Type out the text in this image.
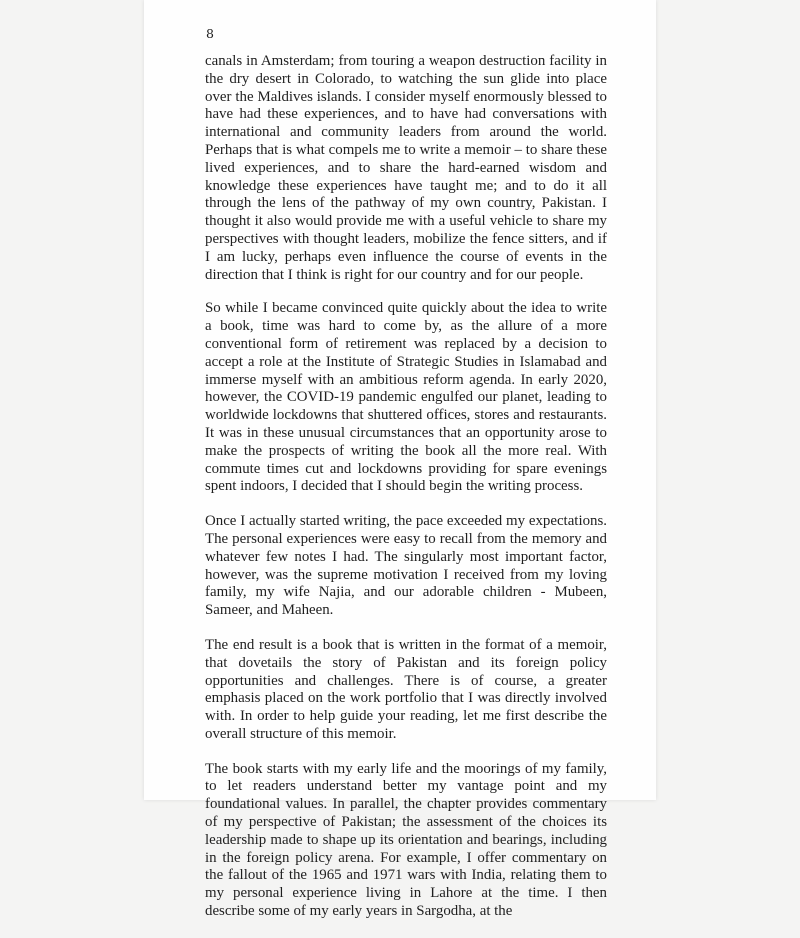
8

canals in Amsterdam; from touring a weapon destruction facility in the dry desert in Colorado, to watching the sun glide into place over the Maldives islands. I consider myself enormously blessed to have had these experiences, and to have had conversations with international and community leaders from around the world. Perhaps that is what compels me to write a memoir – to share these lived experiences, and to share the hard-earned wisdom and knowledge these experiences have taught me; and to do it all through the lens of the pathway of my own country, Pakistan. I thought it also would provide me with a useful vehicle to share my perspectives with thought leaders, mobilize the fence sitters, and if I am lucky, perhaps even influence the course of events in the direction that I think is right for our country and for our people.

So while I became convinced quite quickly about the idea to write a book, time was hard to come by, as the allure of a more conventional form of retirement was replaced by a decision to accept a role at the Institute of Strategic Studies in Islamabad and immerse myself with an ambitious reform agenda. In early 2020, however, the COVID-19 pandemic engulfed our planet, leading to worldwide lockdowns that shuttered offices, stores and restaurants. It was in these unusual circumstances that an opportunity arose to make the prospects of writing the book all the more real. With commute times cut and lockdowns providing for spare evenings spent indoors, I decided that I should begin the writing process.

Once I actually started writing, the pace exceeded my expectations. The personal experiences were easy to recall from the memory and whatever few notes I had. The singularly most important factor, however, was the supreme motivation I received from my loving family, my wife Najia, and our adorable children - Mubeen, Sameer, and Maheen.

The end result is a book that is written in the format of a memoir, that dovetails the story of Pakistan and its foreign policy opportunities and challenges. There is of course, a greater emphasis placed on the work portfolio that I was directly involved with. In order to help guide your reading, let me first describe the overall structure of this memoir.

The book starts with my early life and the moorings of my family, to let readers understand better my vantage point and my foundational values. In parallel, the chapter provides commentary of my perspective of Pakistan; the assessment of the choices its leadership made to shape up its orientation and bearings, including in the foreign policy arena. For example, I offer commentary on the fallout of the 1965 and 1971 wars with India, relating them to my personal experience living in Lahore at the time. I then describe some of my early years in Sargodha, at the
